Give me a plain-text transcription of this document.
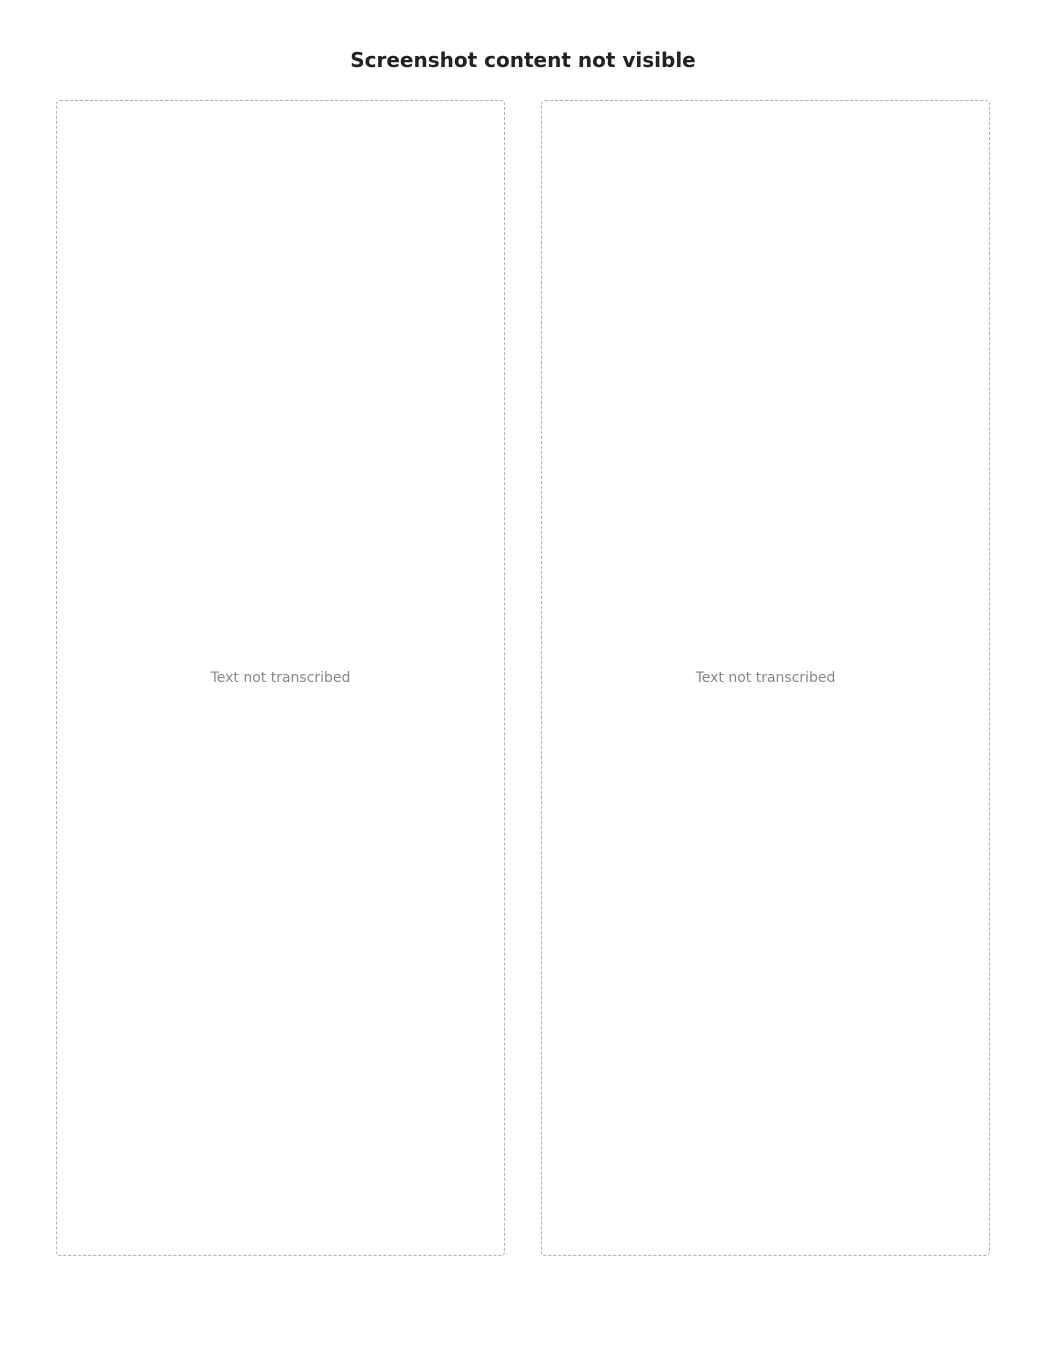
Screenshot content not visible
Text not transcribed	Text not transcribed
